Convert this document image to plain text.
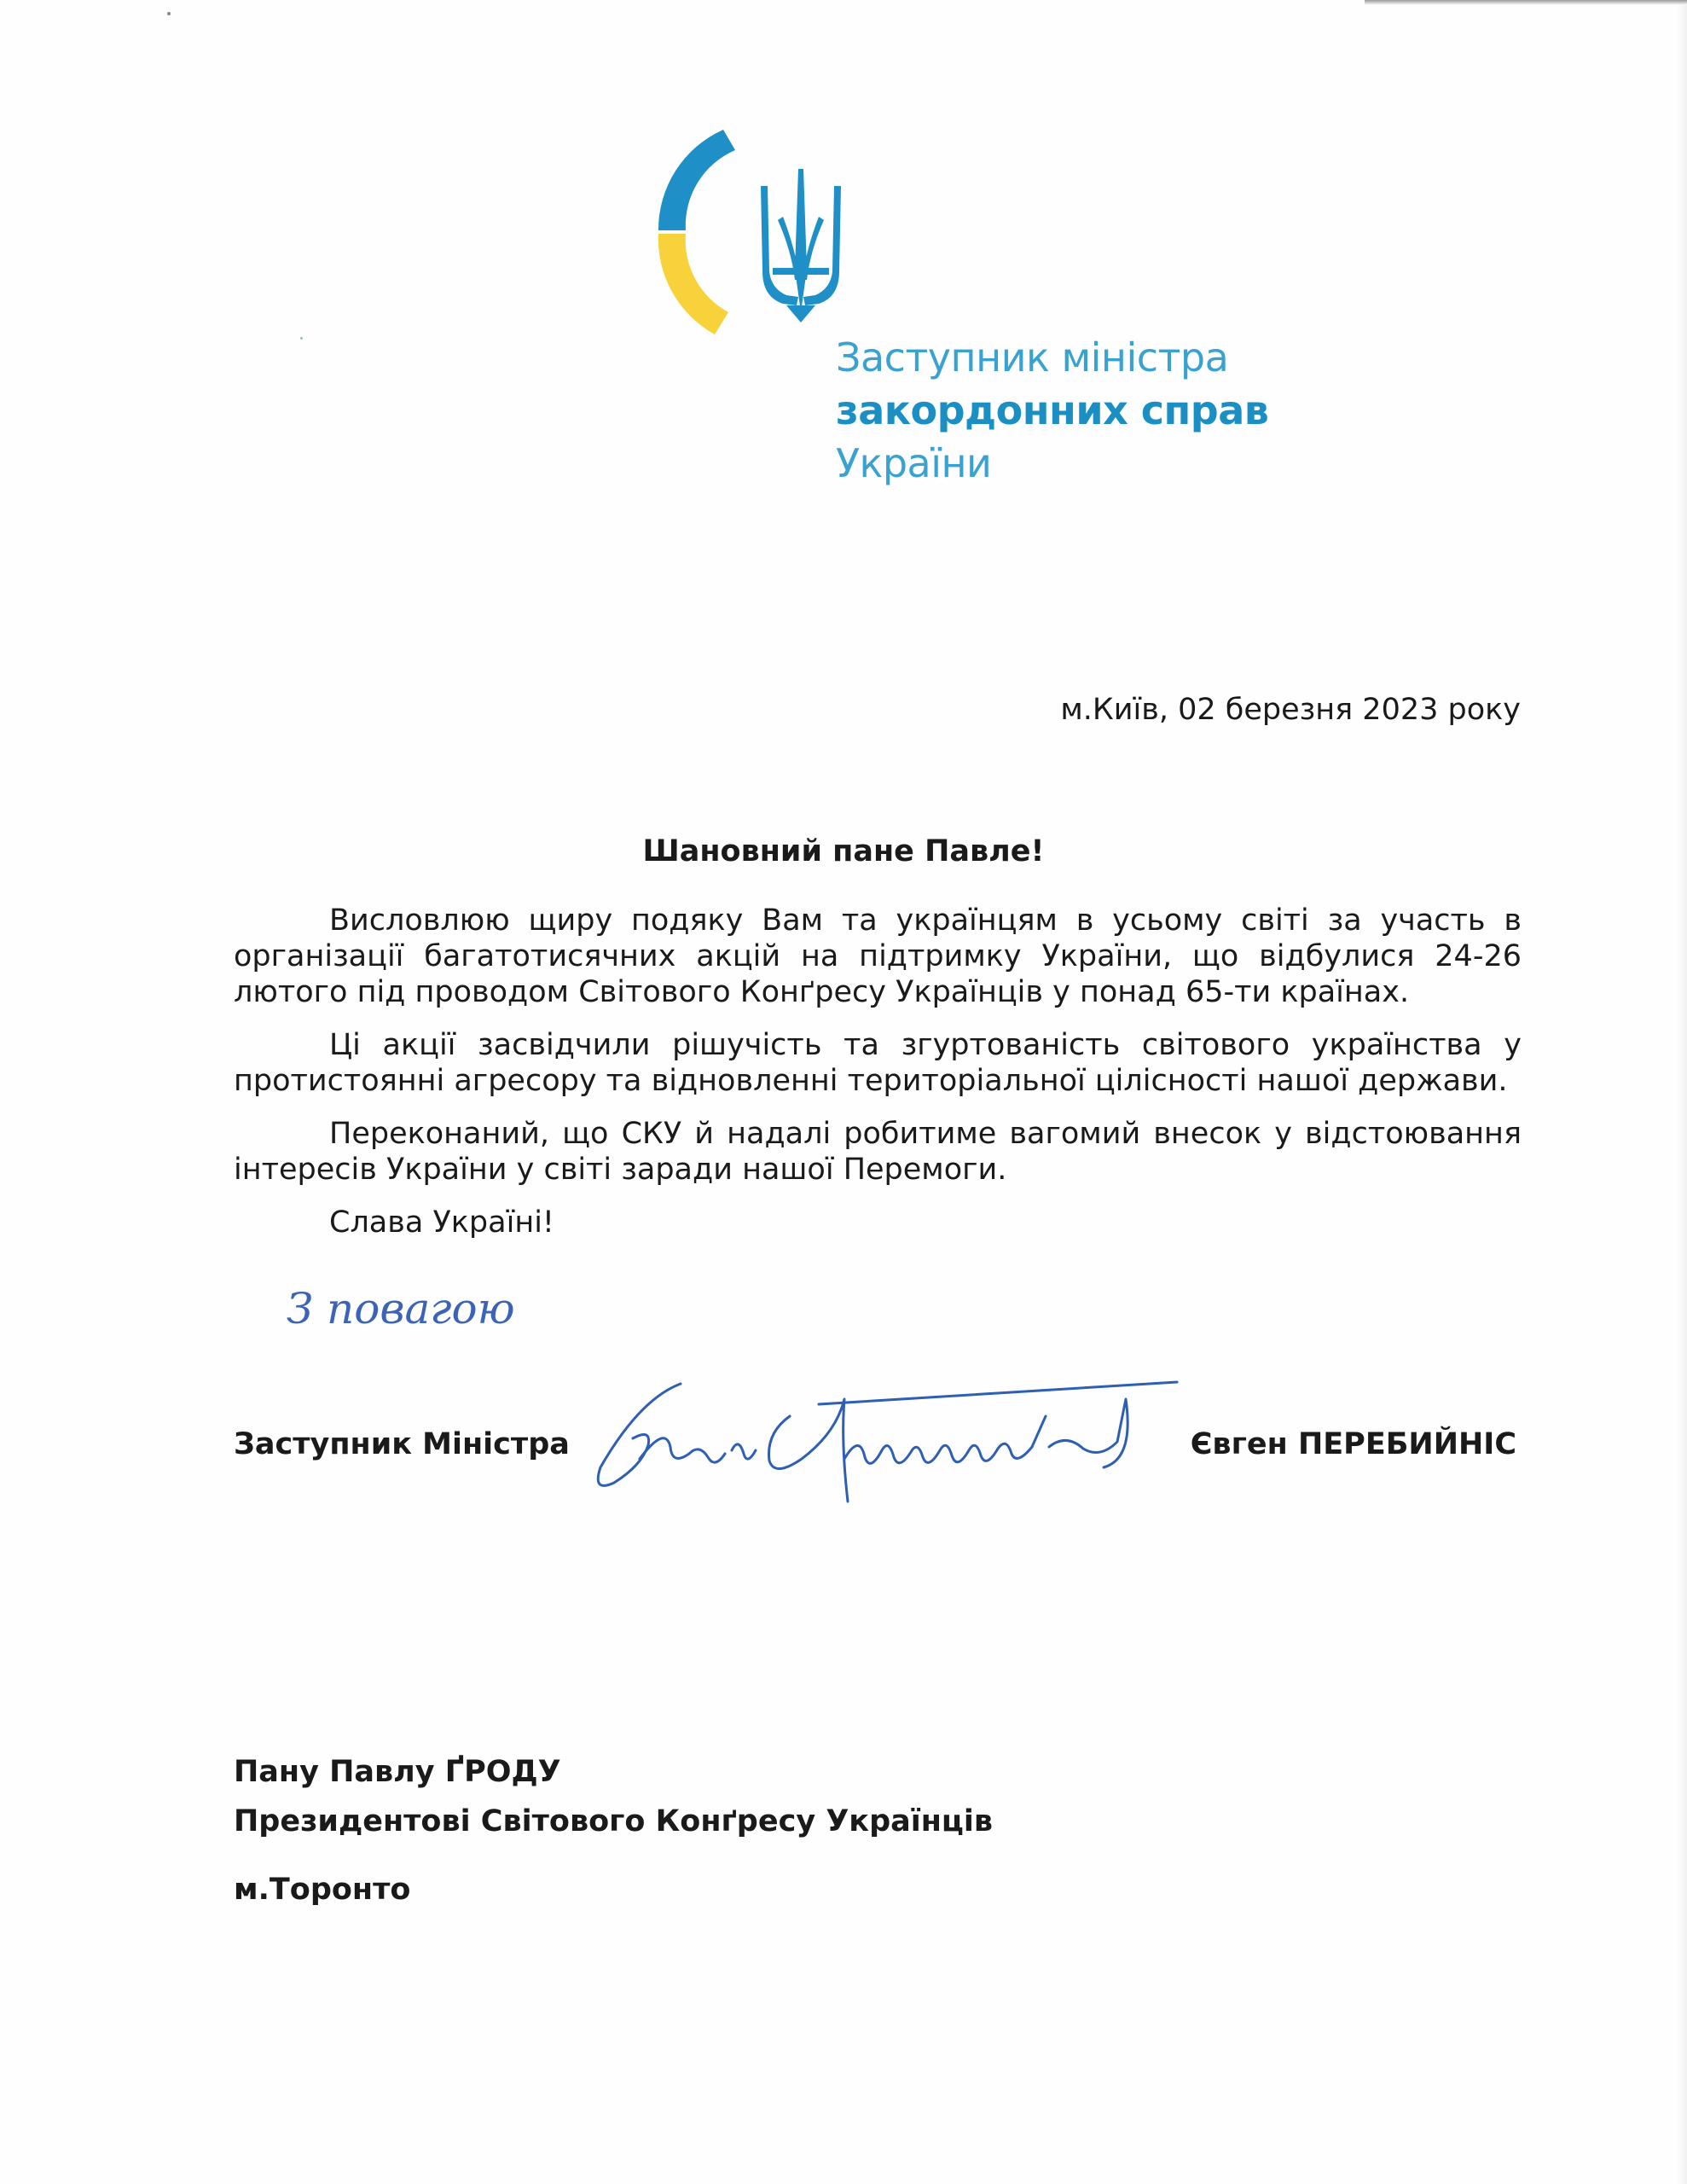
Заступник міністра
закордонних справ
України
м.Київ, 02 березня 2023 року
Шановний пане Павле!

Висловлюю щиру подяку Вам та українцям в усьому світі за участь в організації багатотисячних акцій на підтримку України, що відбулися 24-26 лютого під проводом Світового Конґресу Українців у понад 65-ти країнах.

Ці акції засвідчили рішучість та згуртованість світового українства у протистоянні агресору та відновленні територіальної цілісності нашої держави.

Переконаний, що СКУ й надалі робитиме вагомий внесок у відстоювання інтересів України у світі заради нашої Перемоги.

Слава Україні!

З повагою
Заступник Міністра	Євген ПЕРЕБИЙНІС
Пану Павлу ҐРОДУ
Президентові Світового Конґресу Українців
м.Торонто
